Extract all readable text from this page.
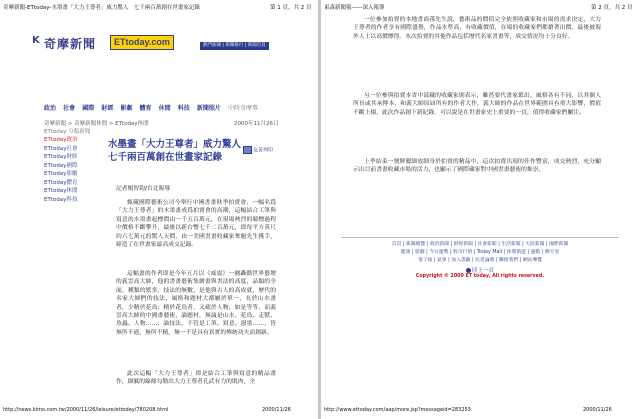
奇摩新聞-ETtoday-水墨畫「大力王尊者」威力驚人　七千兩百萬創在世畫家記錄	第 1 頁，共 2 頁
K 奇摩新聞	ETtoday.com	熱門新聞 | 新聞排行 | 新聞首頁
政治 社會 國際 財經 影劇 體育 休閒 科技 新聞照片 中時奇摩專
奇摩新聞 > 奇摩新聞休閒 > ETtoday休閒	2000年11月26日
ETtoday 分類新聞
ETtoday政治
ETtoday社會
ETtoday財經
ETtoday國際
ETtoday影劇
ETtoday體育
ETtoday休閒
ETtoday科技
水墨畫「大力王尊者」威力驚人
七千兩百萬創在世畫家記錄
友善列印
記者楊智鈞/台北報導
甄藏國際藝術公司今舉行中國書畫秋季拍賣會，一幅名爲「大力王尊者」的水墨畫成爲拍賣會的高潮，這幅結合工筆與寫意的水墨畫起標價由一千五百萬元，在現場熱烈的競標過程中價格不斷攀升，最後以新台幣七千二百萬元，即每平方英尺約六七萬元的驚人天價，由一美國書畫收藏家奪魁先生獲手，締造了在世畫家最高成交記錄。
這幅畫的作者即是今年五月以《威震》一圖轟動世界藝壇的義雲高大師，他的書畫藝術集繪畫與書法的高度，品類的全面，種類的繁多，技法的無數，是他與古人的高成就，歷代的名家大師們的技法，風格和題材大都屬於單一，長於山水畫者，少精於花鳥；精於花鳥者，又疏於人物，如是等等，而義雲高大師的中國畫藝術，論題材，無論是山水、花鳥、走獸、魚蟲、人物……；論技法，不管是工筆、寫意、潑墨……，皆無所不通，無所不精，無一不是具有真實的傳統功夫而創新。
此次這幅「大力王尊者」即是結合工筆與寫意的精品畫作，細膩的線條勾勒出大力王尊者孔武有力的肌肉，全
http://news.kimo.com.tw/2000/11/26/leisure/ettoday/780208.html	2000/11/26
東森新聞報——深入報導	第 2 頁，共 2 頁
一位參加拍賣的本地書商孫先生說，藝術品的價值完全依照收藏家和市場的需求決定，大力王尊者的作者享有國際盛譽，作品水準高，有收藏價值，在場的收藏家們都搶著出價，最後被海外人士以高價標得。本次拍賣的其他作品包括歷代名家書畫等，成交情況均十分良好。
另一位參與拍賣本省中部藏的收藏家則表示，雖然要代畫家繁出，風格各有不同，以其個人所長或其承傳本，和義大師原屆所有的作者大作，義大師的作品在世界範圍具有重大影響，價值不斷上揚，此次作品創下新紀錄，可以說是在世畫家史上重要的一頁，值得收藏家們關注。
上季結束一號鮮麗細放細身於拍賣的精品中，這次拍賣出現的佳作豐富，成交熱烈，充分顯示出目前書畫收藏市場的活力，也顯示了國際藏家對中國書畫藝術的推崇。
回上一頁
首頁 | 新聞總覽 | 政治新聞 | 財經新聞 | 社會新聞 | 生活新聞 | 大陸新聞 | 國際新聞
健康 | 影劇 | 今日運勢 | 股市行情 | Today Mall | 休閒旅遊 | 運動 | 聊天室
電子報 | 氣象 | 加入書籤 | 民意論壇 | 聯絡我們 | 網站導覽
Copyright © 2000 ET today, All rights reserved.
http://www.ettoday.com/aap/more.jsp?messageid=283253	2000/11/26
